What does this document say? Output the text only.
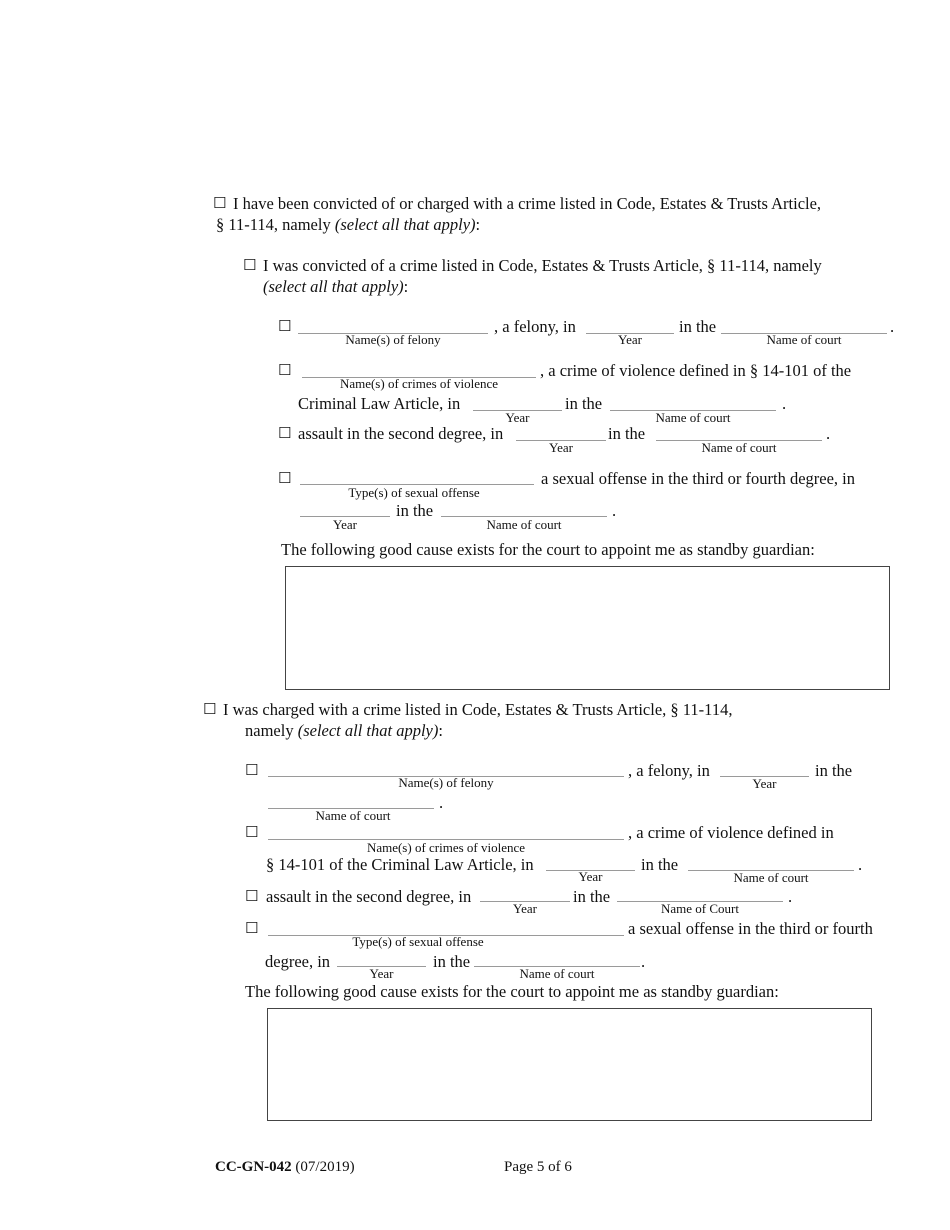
☐ I have been convicted of or charged with a crime listed in Code, Estates & Trusts Article,
§ 11-114, namely (select all that apply):
☐ I was convicted of a crime listed in Code, Estates & Trusts Article, § 11-114, namely
(select all that apply):
☐
Name(s) of felony
, a felony, in
Year
in the
Name of court
.
☐
Name(s) of crimes of violence
, a crime of violence defined in § 14-101 of the
Criminal Law Article, in
Year
in the
Name of court
.
☐ assault in the second degree, in
Year
in the
Name of court
.
☐
Type(s) of sexual offense
a sexual offense in the third or fourth degree, in
Year
in the
Name of court
.
The following good cause exists for the court to appoint me as standby guardian:
☐ I was charged with a crime listed in Code, Estates & Trusts Article, § 11-114,
namely (select all that apply):
☐
Name(s) of felony
, a felony, in
Year
in the
Name of court
.
☐
Name(s) of crimes of violence
, a crime of violence defined in
§ 14-101 of the Criminal Law Article, in
Year
in the
Name of court
.
☐ assault in the second degree, in
Year
in the
Name of Court
.
☐
Type(s) of sexual offense
a sexual offense in the third or fourth
degree, in
Year
in the
Name of court
.
The following good cause exists for the court to appoint me as standby guardian:
CC-GN-042 (07/2019)	Page 5 of 6
